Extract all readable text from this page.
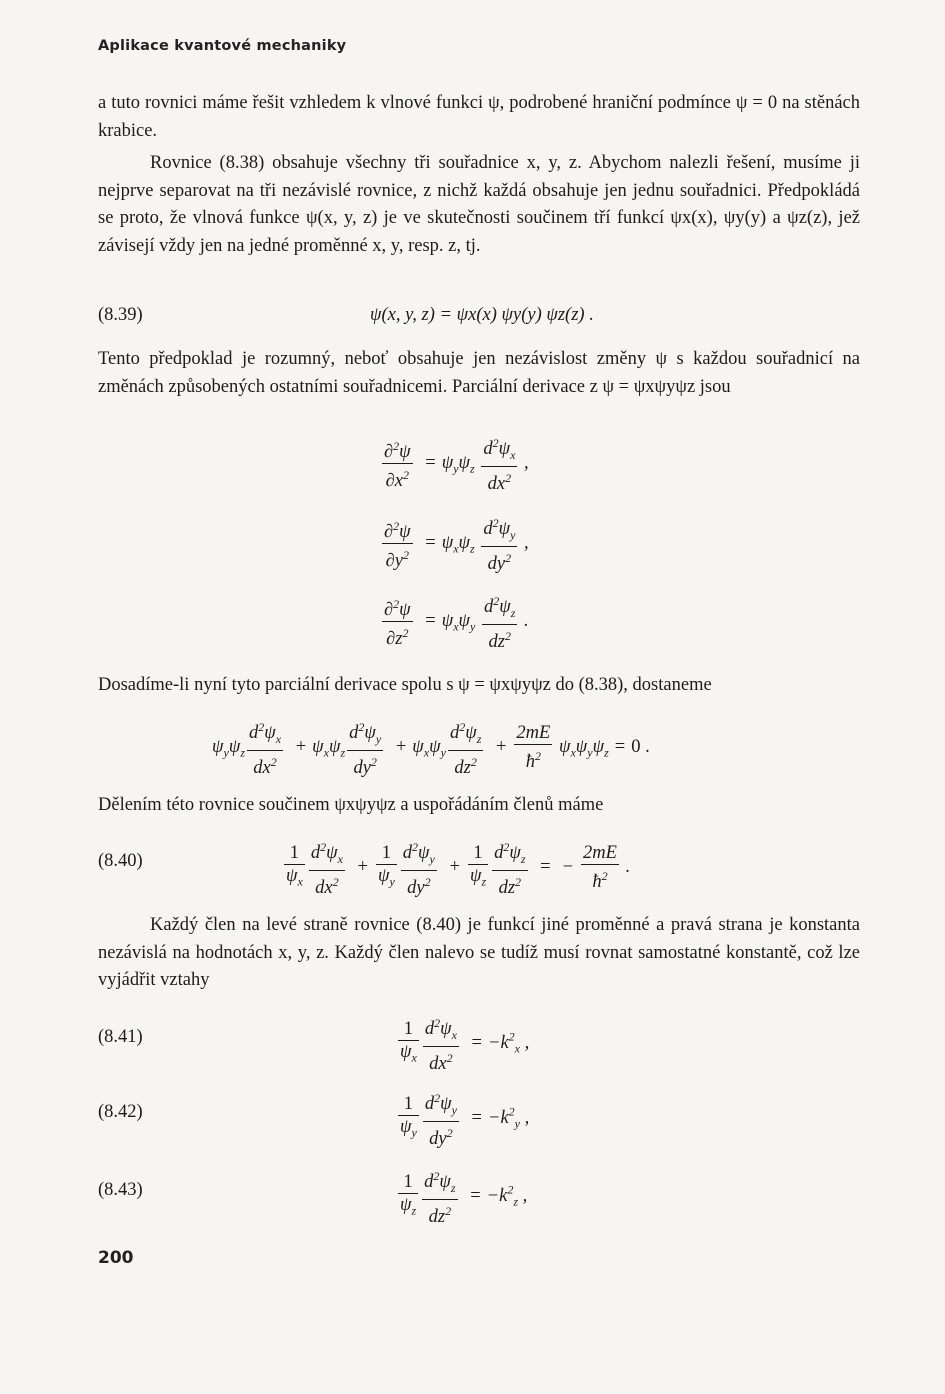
Aplikace kvantové mechaniky
a tuto rovnici máme řešit vzhledem k vlnové funkci ψ, podrobené hraniční podmínce ψ = 0 na stěnách krabice.
Rovnice (8.38) obsahuje všechny tři souřadnice x, y, z. Abychom nalezli řešení, musíme ji nejprve separovat na tři nezávislé rovnice, z nichž každá obsahuje jen jednu souřadnici. Předpokládá se proto, že vlnová funkce ψ(x, y, z) je ve skutečnosti součinem tří funkcí ψx(x), ψy(y) a ψz(z), jež závisejí vždy jen na jedné proměnné x, y, resp. z, tj.
(8.39)	ψ(x, y, z) = ψx(x) ψy(y) ψz(z) .
Tento předpoklad je rozumný, neboť obsahuje jen nezávislost změny ψ s každou souřadnicí na změnách způsobených ostatními souřadnicemi. Parciální derivace z ψ = ψxψyψz jsou
$\frac{\partial^2\psi}{\partial x^2} = \psi_y\psi_z \frac{d^2\psi_x}{dx^2}$ ,
$\frac{\partial^2\psi}{\partial y^2} = \psi_x\psi_z \frac{d^2\psi_y}{dy^2}$ ,
$\frac{\partial^2\psi}{\partial z^2} = \psi_x\psi_y \frac{d^2\psi_z}{dz^2}$ .
Dosadíme-li nyní tyto parciální derivace spolu s ψ = ψxψyψz do (8.38), dostaneme
$\psi_y\psi_z \frac{d^2\psi_x}{dx^2} + \psi_x\psi_z \frac{d^2\psi_y}{dy^2} + \psi_x\psi_y \frac{d^2\psi_z}{dz^2} + \frac{2mE}{ħ^2} \psi_x\psi_y\psi_z = 0$ .
Dělením této rovnice součinem ψxψyψz a uspořádáním členů máme
(8.40)	$\frac{1}{\psi_x} \frac{d^2\psi_x}{dx^2} + \frac{1}{\psi_y} \frac{d^2\psi_y}{dy^2} + \frac{1}{\psi_z} \frac{d^2\psi_z}{dz^2}$ = − $\frac{2mE}{ħ^2}$ .
Každý člen na levé straně rovnice (8.40) je funkcí jiné proměnné a pravá strana je konstanta nezávislá na hodnotách x, y, z. Každý člen nalevo se tudíž musí rovnat samostatné konstantě, což lze vyjádřit vztahy
(8.41)	$\frac{1}{\psi_x} \frac{d^2\psi_x}{dx^2} = -k^2_x$ ,
(8.42)	$\frac{1}{\psi_y} \frac{d^2\psi_y}{dy^2} = -k^2_y$ ,
(8.43)	$\frac{1}{\psi_z} \frac{d^2\psi_z}{dz^2} = -k^2_z$ ,
200
